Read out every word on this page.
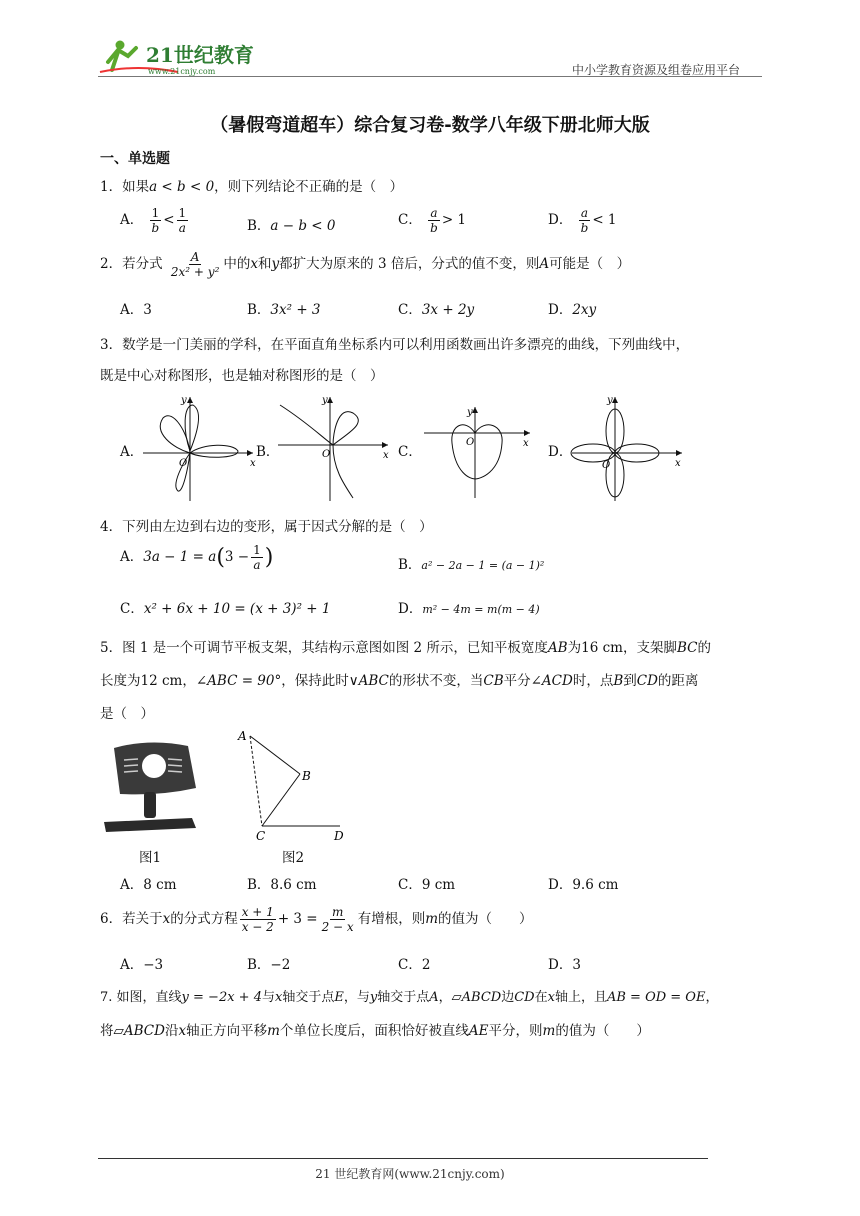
21世纪教育
www.21cnjy.com	中小学教育资源及组卷应用平台
（暑假弯道超车）综合复习卷-数学八年级下册北师大版
一、单选题
1．如果a < b < 0，则下列结论不正确的是（　）
A． $\frac{1}{b} < \frac{1}{a}$	B．a − b < 0	C． $\frac{a}{b} > 1$	D． $\frac{a}{b} < 1$
2．若分式 $\frac{A}{\text{2x² + y²}}$ 中的x和y都扩大为原来的 3 倍后，分式的值不变，则A可能是（　）
A．3	B．3x² + 3	C．3x + 2y	D．2xy
3．数学是一门美丽的学科，在平面直角坐标系内可以利用函数画出许多漂亮的曲线，下列曲线中，
既是中心对称图形，也是轴对称图形的是（　）
A．
x
y
O
B．	x
y
O	C．
x
y
O
D．
x
y
O
4．下列由左边到右边的变形，属于因式分解的是（　）
A．$3a - 1 = a(3 - \frac{1}{a}$ )	B．a² − 2a − 1 = (a − 1)²
C．x² + 6x + 10 = (x + 3)² + 1	D．m² − 4m = m(m − 4)
5．图 1 是一个可调节平板支架，其结构示意图如图 2 所示，已知平板宽度AB为16 cm，支架脚BC的
长度为12 cm，∠ABC = 90°，保持此时∨ABC的形状不变，当CB平分∠ACD时，点B到CD的距离
是（　）
图1
A
B
C	D
图2
A．8 cm	B．8.6 cm	C．9 cm	D．9.6 cm
6．若关于x的分式方程 $\frac{x + 1}{x - 2} + 3 = \frac{m}{2 - x}$ 有增根，则m的值为（　　）
A．−3	B．−2	C．2	D．3
7. 如图，直线y = −2x + 4与x轴交于点E，与y轴交于点A，▱ABCD边CD在x轴上，且AB = OD = OE，
将▱ABCD沿x轴正方向平移m个单位长度后，面积恰好被直线AE平分，则m的值为（　　）
21 世纪教育网(www.21cnjy.com)
